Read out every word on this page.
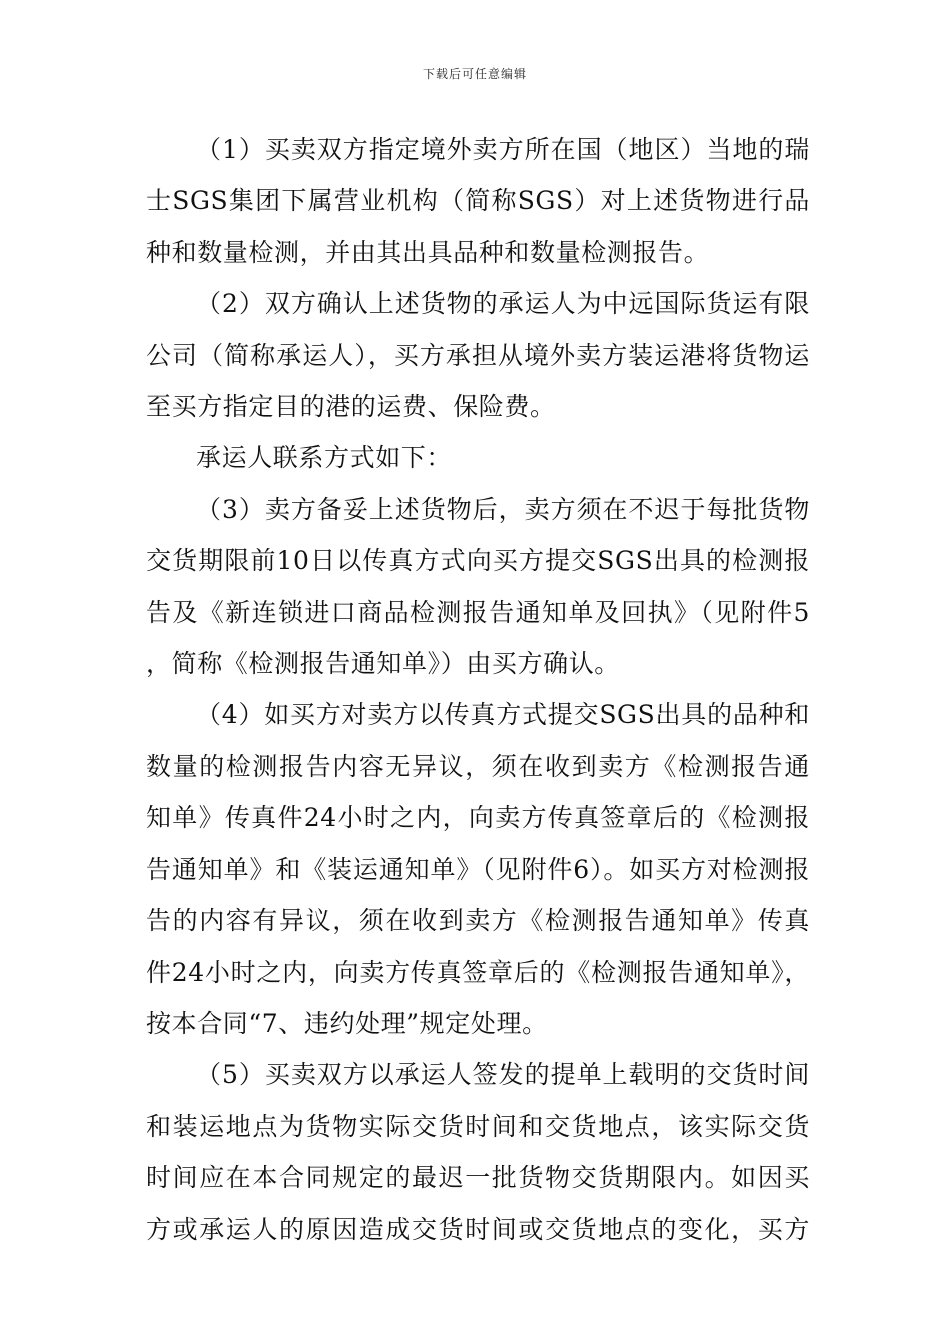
下载后可任意编辑

（1）买卖双方指定境外卖方所在国（地区）当地的瑞士SGS集团下属营业机构（简称SGS）对上述货物进行品种和数量检测，并由其出具品种和数量检测报告。

（2）双方确认上述货物的承运人为中远国际货运有限公司（简称承运人），买方承担从境外卖方装运港将货物运至买方指定目的港的运费、保险费。

承运人联系方式如下：

（3）卖方备妥上述货物后，卖方须在不迟于每批货物交货期限前10日以传真方式向买方提交SGS出具的检测报告及《新连锁进口商品检测报告通知单及回执》（见附件5，简称《检测报告通知单》）由买方确认。

（4）如买方对卖方以传真方式提交SGS出具的品种和数量的检测报告内容无异议，须在收到卖方《检测报告通知单》传真件24小时之内，向卖方传真签章后的《检测报告通知单》和《装运通知单》（见附件6）。如买方对检测报告的内容有异议，须在收到卖方《检测报告通知单》传真件24小时之内，向卖方传真签章后的《检测报告通知单》，按本合同“7、违约处理”规定处理。

（5）买卖双方以承运人签发的提单上载明的交货时间和装运地点为货物实际交货时间和交货地点，该实际交货时间应在本合同规定的最迟一批货物交货期限内。如因买方或承运人的原因造成交货时间或交货地点的变化，买方
